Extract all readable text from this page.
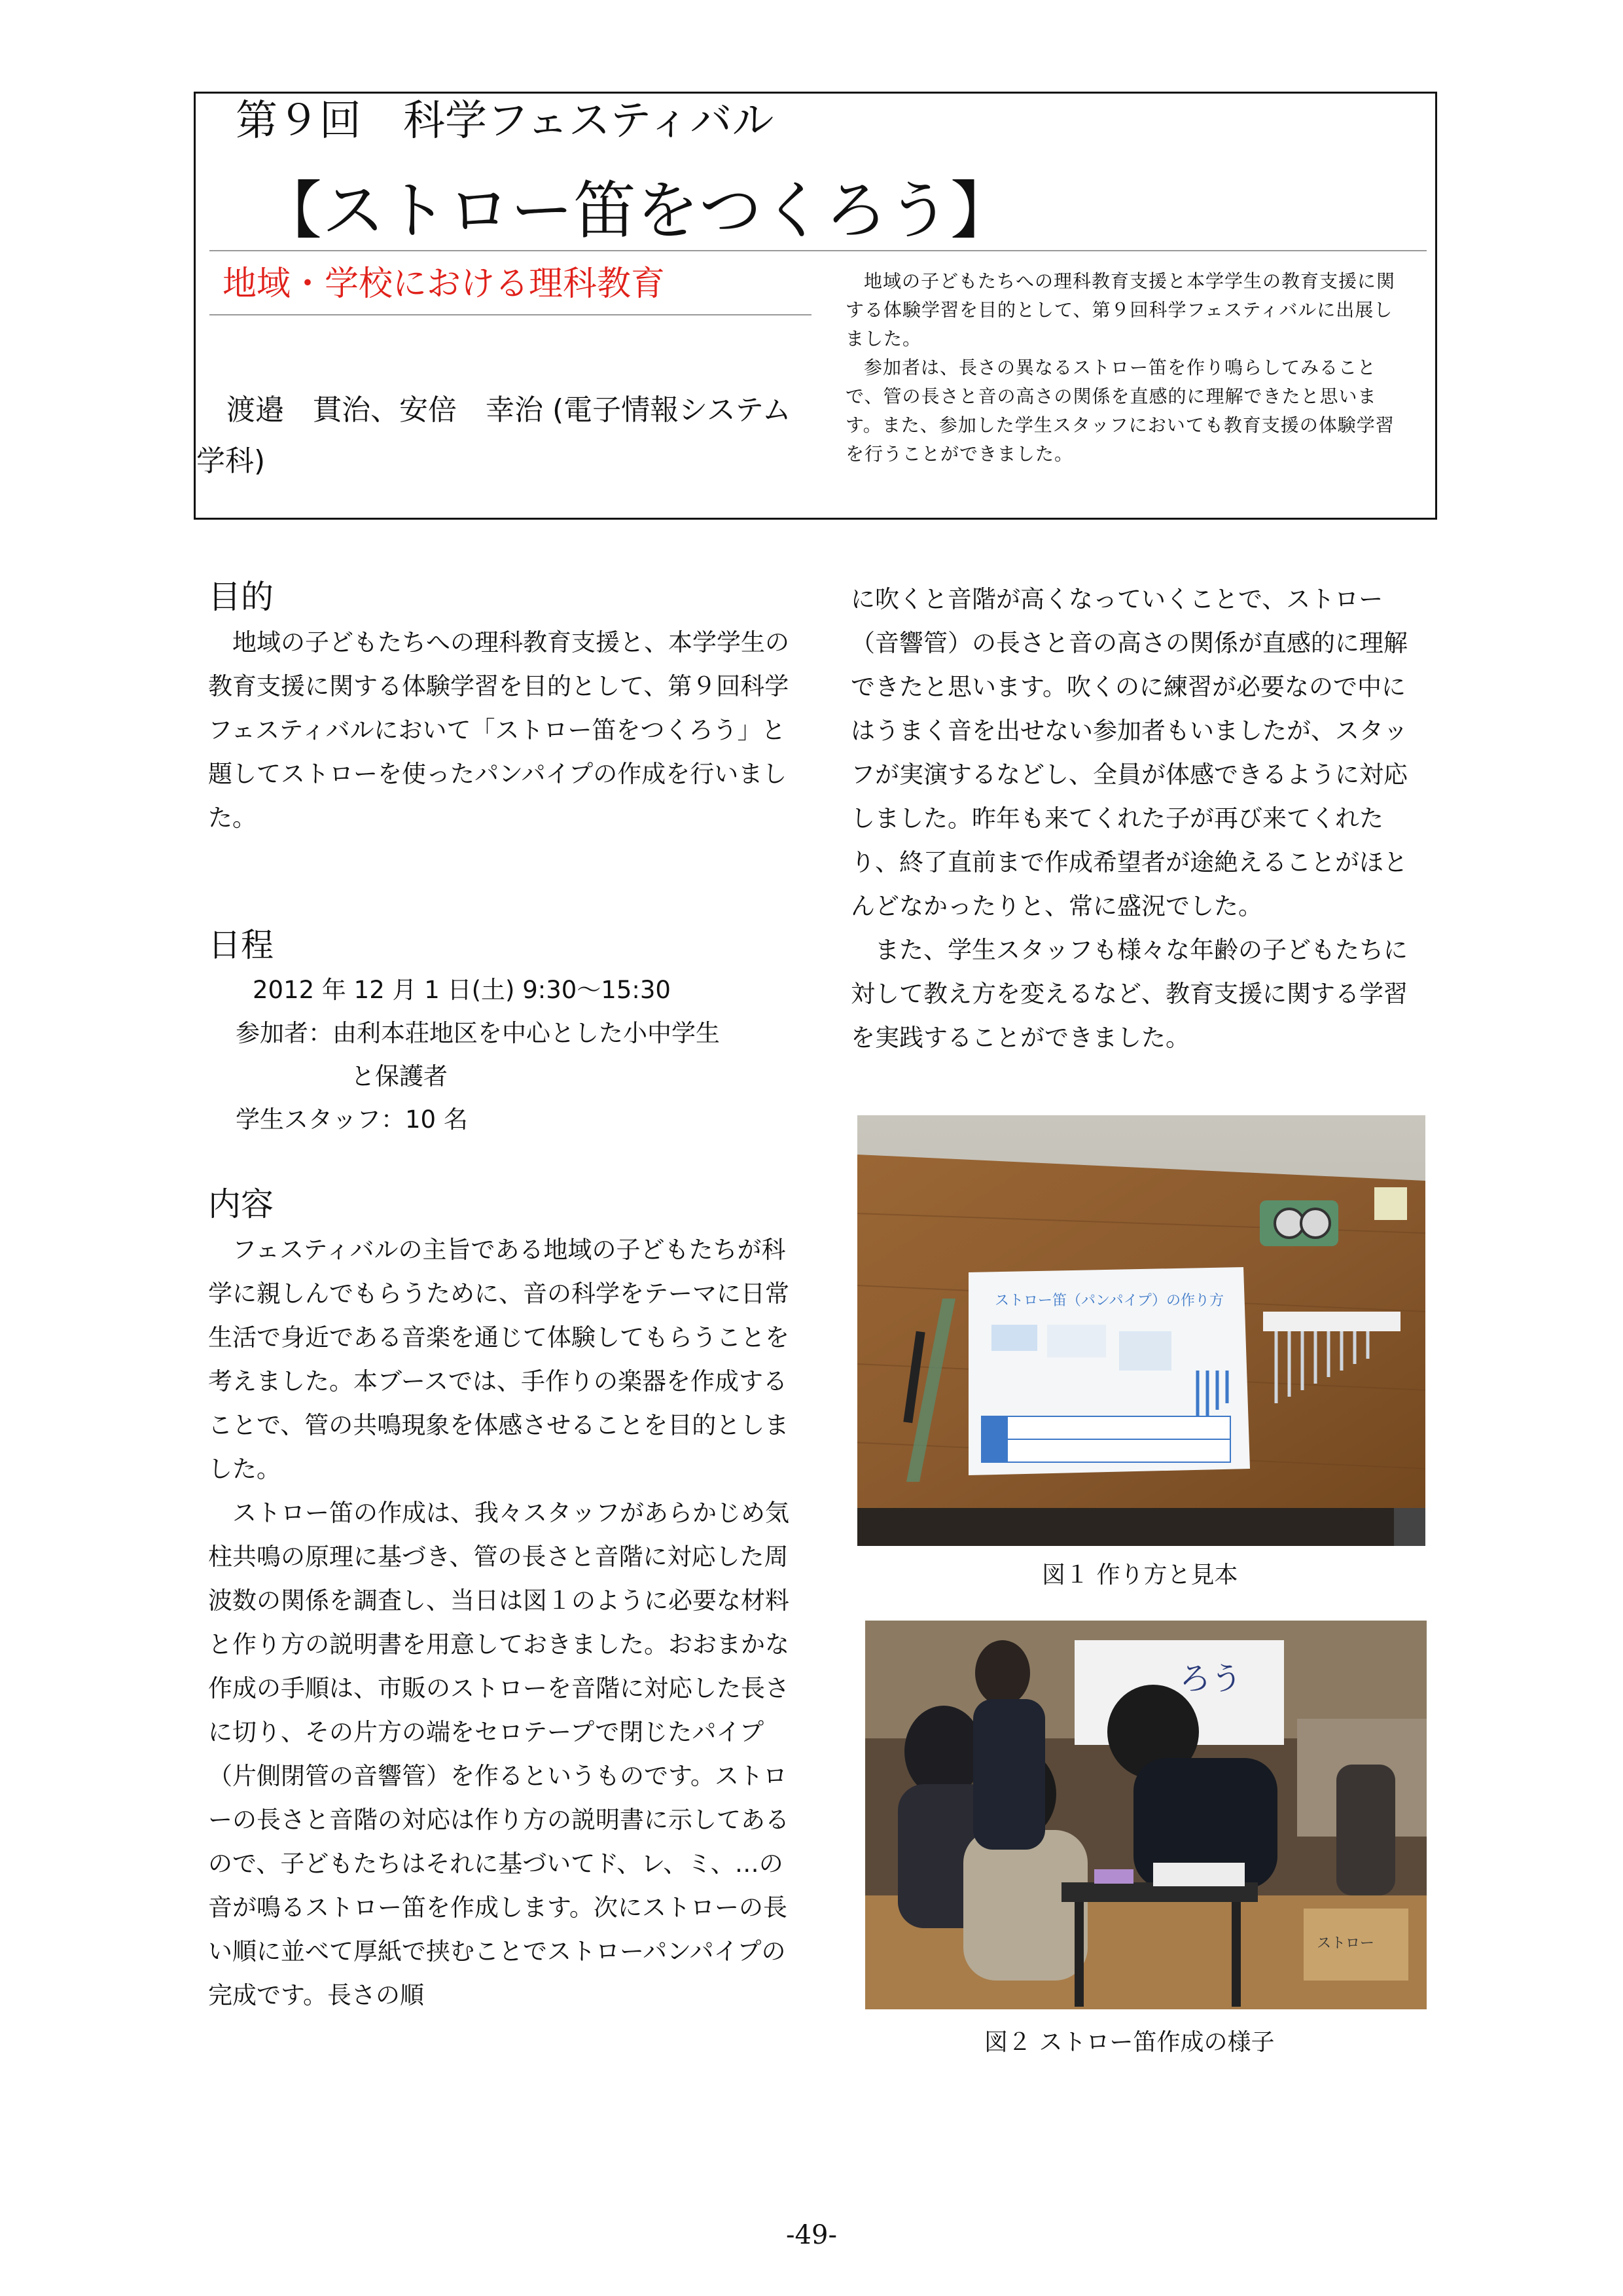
第９回　科学フェスティバル
【ストロー笛をつくろう】
地域・学校における理科教育
渡邉　貫治、安倍　幸治 (電子情報システム学科)

地域の子どもたちへの理科教育支援と本学学生の教育支援に関する体験学習を目的として、第９回科学フェスティバルに出展しました。

参加者は、長さの異なるストロー笛を作り鳴らしてみることで、管の長さと音の高さの関係を直感的に理解できたと思います。また、参加した学生スタッフにおいても教育支援の体験学習を行うことができました。

目的

地域の子どもたちへの理科教育支援と、本学学生の教育支援に関する体験学習を目的として、第９回科学フェスティバルにおいて「ストロー笛をつくろう」と題してストローを使ったパンパイプの作成を行いました。

日程
2012 年 12 月 1 日(土) 9:30～15:30
参加者：由利本荘地区を中心とした小中学生
と保護者
学生スタッフ：10 名
内容

フェスティバルの主旨である地域の子どもたちが科学に親しんでもらうために、音の科学をテーマに日常生活で身近である音楽を通じて体験してもらうことを考えました。本ブースでは、手作りの楽器を作成することで、管の共鳴現象を体感させることを目的としました。

ストロー笛の作成は、我々スタッフがあらかじめ気柱共鳴の原理に基づき、管の長さと音階に対応した周波数の関係を調査し、当日は図１のように必要な材料と作り方の説明書を用意しておきました。おおまかな作成の手順は、市販のストローを音階に対応した長さに切り、その片方の端をセロテープで閉じたパイプ（片側閉管の音響管）を作るというものです。ストローの長さと音階の対応は作り方の説明書に示してあるので、子どもたちはそれに基づいてド、レ、ミ、…の音が鳴るストロー笛を作成します。次にストローの長い順に並べて厚紙で挟むことでストローパンパイプの完成です。長さの順

に吹くと音階が高くなっていくことで、ストロー（音響管）の長さと音の高さの関係が直感的に理解できたと思います。吹くのに練習が必要なので中にはうまく音を出せない参加者もいましたが、スタッフが実演するなどし、全員が体感できるように対応しました。昨年も来てくれた子が再び来てくれたり、終了直前まで作成希望者が途絶えることがほとんどなかったりと、常に盛況でした。

また、学生スタッフも様々な年齢の子どもたちに対して教え方を変えるなど、教育支援に関する学習を実践することができました。

ストロー笛（パンパイプ）の作り方
図１ 作り方と見本
ろう
ストロー
図２ ストロー笛作成の様子
-49-
